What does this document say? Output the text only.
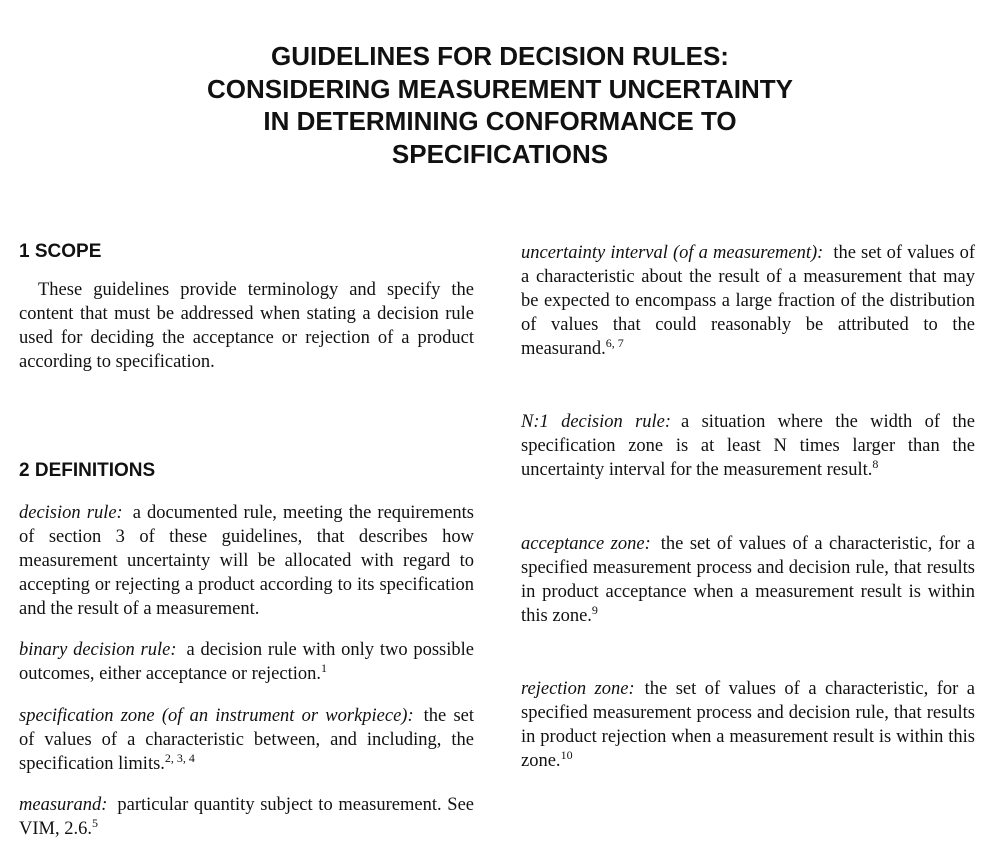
GUIDELINES FOR DECISION RULES:
CONSIDERING MEASUREMENT UNCERTAINTY
IN DETERMINING CONFORMANCE TO
SPECIFICATIONS
1 SCOPE

These guidelines provide terminology and specify the content that must be addressed when stating a decision rule used for deciding the acceptance or rejection of a product according to specification.

2 DEFINITIONS

decision rule: a documented rule, meeting the requirements of section 3 of these guidelines, that describes how measurement uncertainty will be allocated with regard to accepting or rejecting a product according to its specification and the result of a measurement.

binary decision rule: a decision rule with only two possible outcomes, either acceptance or rejection.$^1$

specification zone (of an instrument or workpiece): the set of values of a characteristic between, and including, the specification limits.$^{2, 3, 4}$

measurand: particular quantity subject to measurement. See VIM, 2.6.$^5$

uncertainty interval (of a measurement): the set of values of a characteristic about the result of a measurement that may be expected to encompass a large fraction of the distribution of values that could reasonably be attributed to the measurand.$^{6, 7}$

N:1 decision rule: a situation where the width of the specification zone is at least N times larger than the uncertainty interval for the measurement result.$^8$

acceptance zone: the set of values of a characteristic, for a specified measurement process and decision rule, that results in product acceptance when a measurement result is within this zone.$^9$

rejection zone: the set of values of a characteristic, for a specified measurement process and decision rule, that results in product rejection when a measurement result is within this zone.$^{10}$
